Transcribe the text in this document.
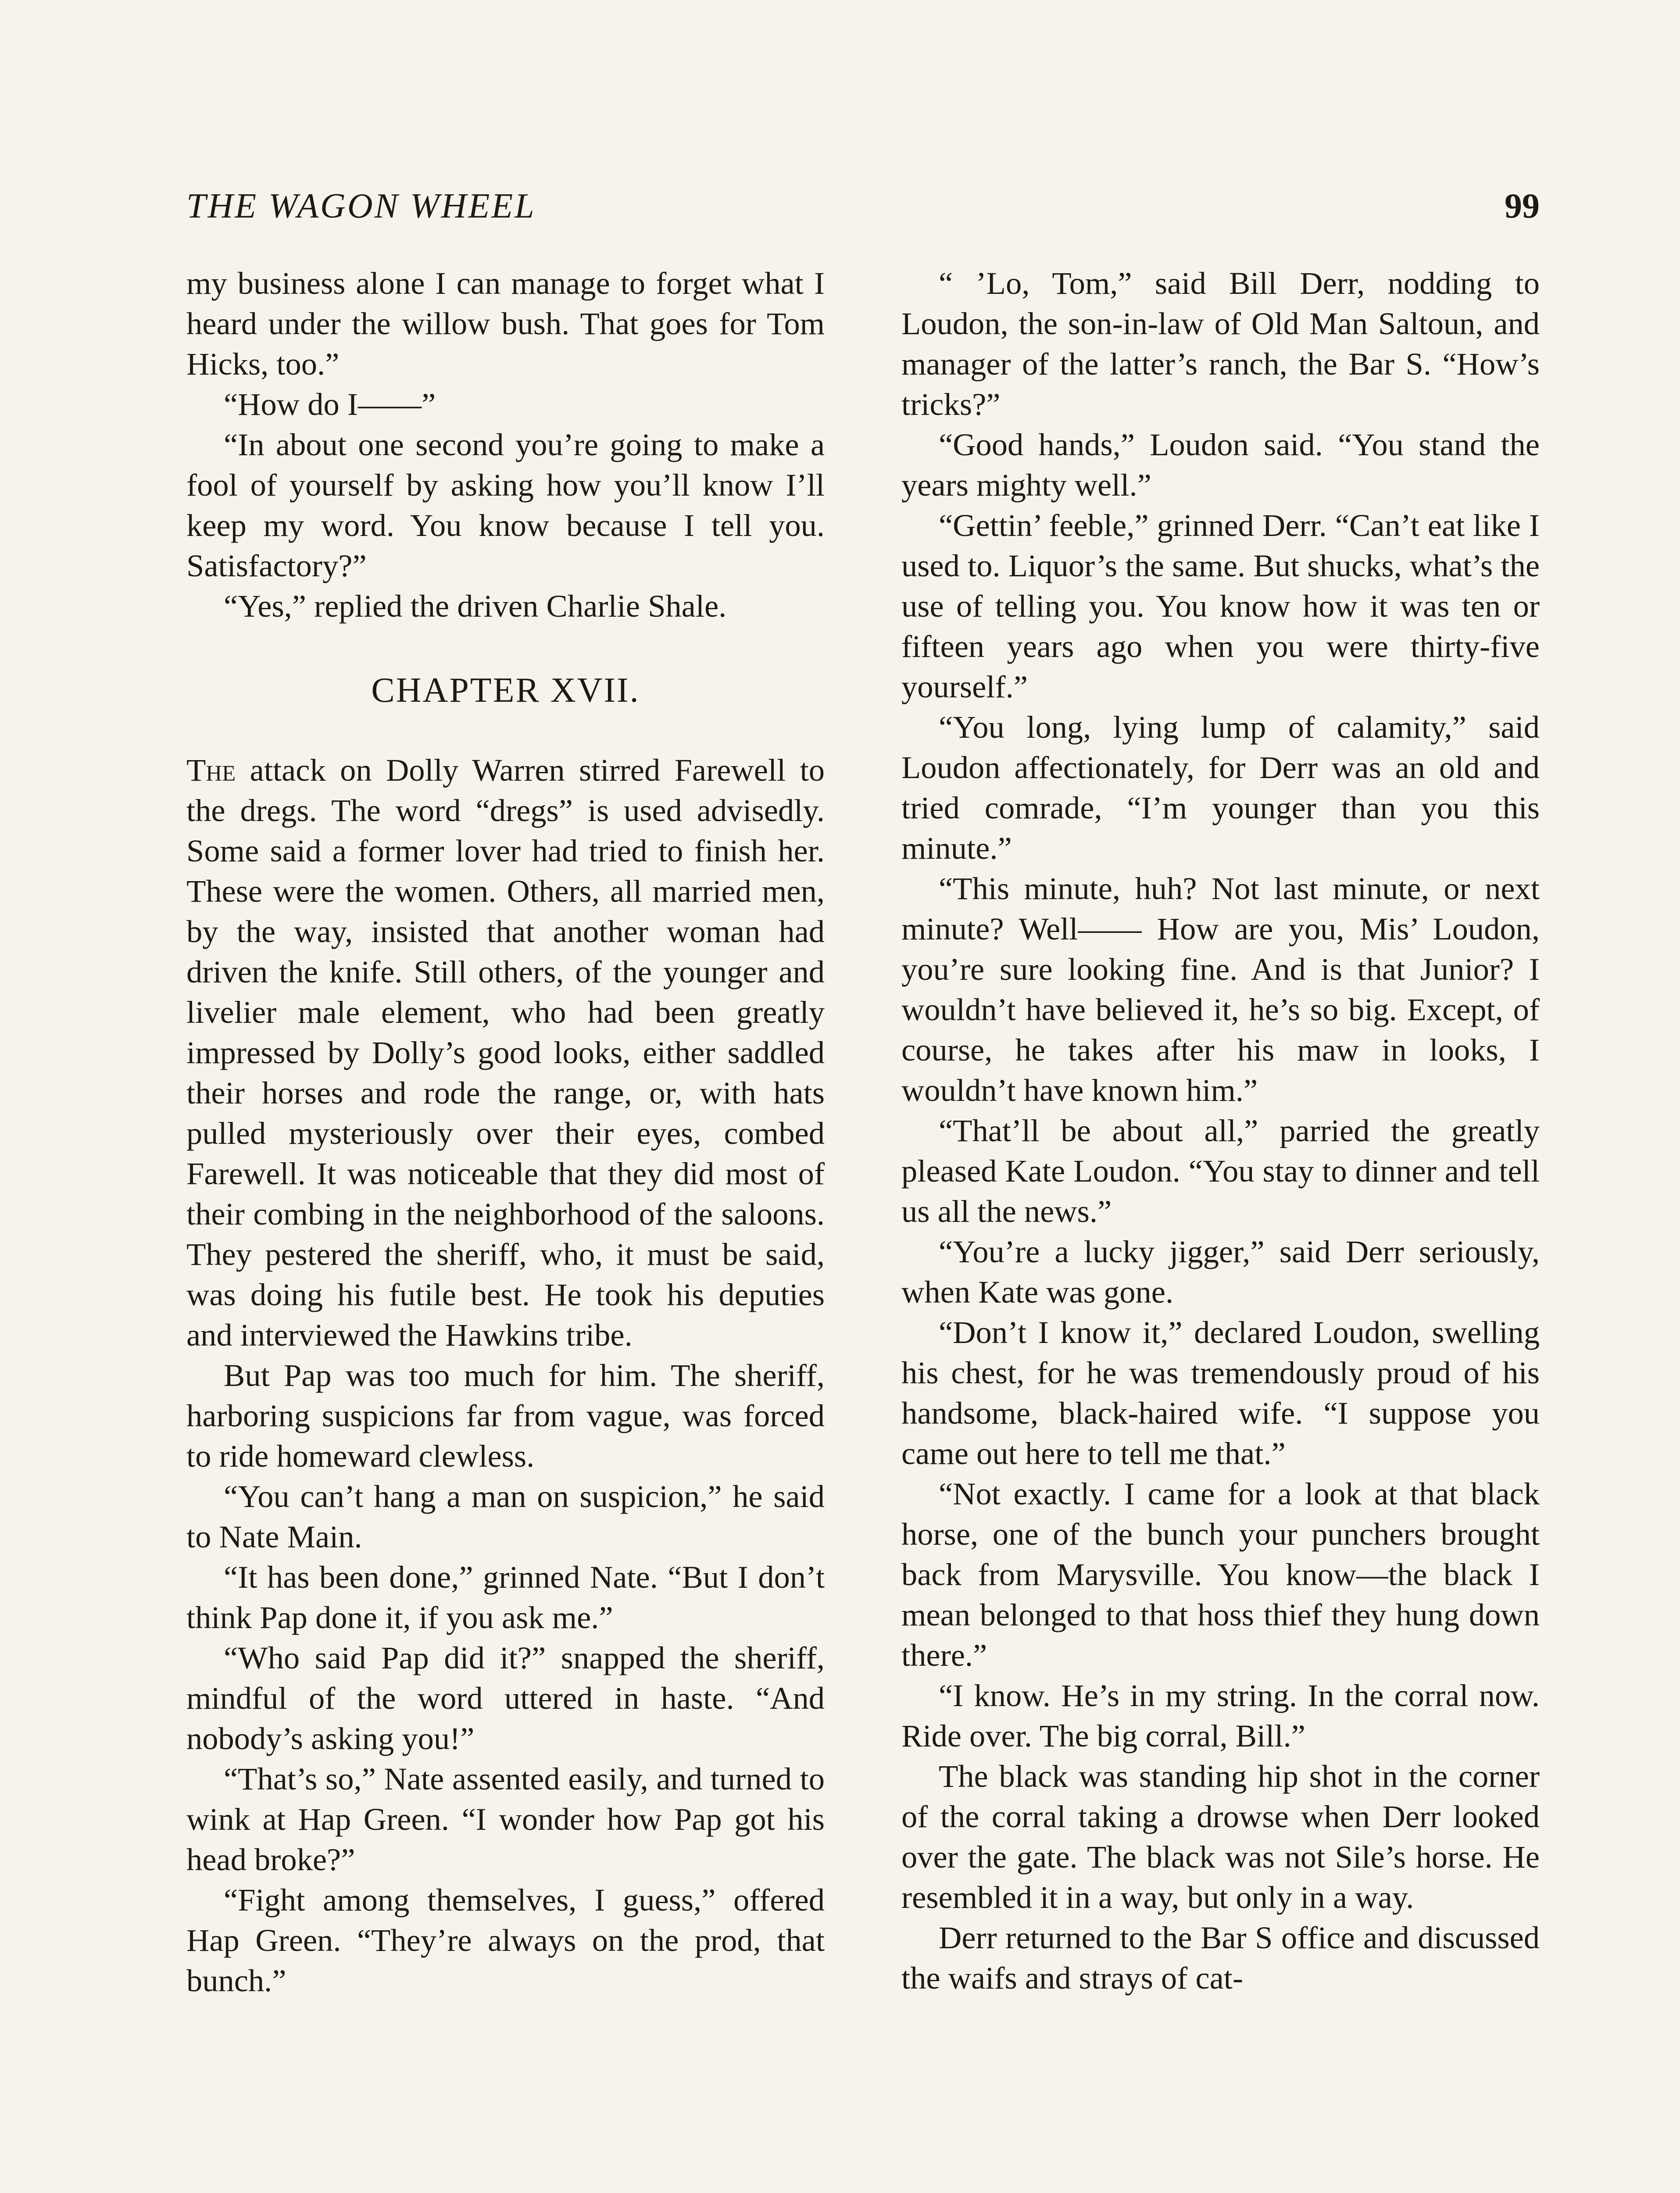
THE WAGON WHEEL	99

my business alone I can manage to forget what I heard under the willow bush. That goes for Tom Hicks, too.”

“How do I——”

“In about one second you’re going to make a fool of yourself by asking how you’ll know I’ll keep my word. You know because I tell you. Satisfactory?”

“Yes,” replied the driven Charlie Shale.

CHAPTER XVII.

The attack on Dolly Warren stirred Farewell to the dregs. The word “dregs” is used advisedly. Some said a former lover had tried to finish her. These were the women. Others, all married men, by the way, insisted that another woman had driven the knife. Still others, of the younger and livelier male element, who had been greatly impressed by Dolly’s good looks, either saddled their horses and rode the range, or, with hats pulled mysteriously over their eyes, combed Farewell. It was noticeable that they did most of their combing in the neighborhood of the saloons. They pestered the sheriff, who, it must be said, was doing his futile best. He took his deputies and interviewed the Hawkins tribe.

But Pap was too much for him. The sheriff, harboring suspicions far from vague, was forced to ride homeward clewless.

“You can’t hang a man on suspicion,” he said to Nate Main.

“It has been done,” grinned Nate. “But I don’t think Pap done it, if you ask me.”

“Who said Pap did it?” snapped the sheriff, mindful of the word uttered in haste. “And nobody’s asking you!”

“That’s so,” Nate assented easily, and turned to wink at Hap Green. “I wonder how Pap got his head broke?”

“Fight among themselves, I guess,” offered Hap Green. “They’re always on the prod, that bunch.”

“ ’Lo, Tom,” said Bill Derr, nodding to Loudon, the son-in-law of Old Man Saltoun, and manager of the latter’s ranch, the Bar S. “How’s tricks?”

“Good hands,” Loudon said. “You stand the years mighty well.”

“Gettin’ feeble,” grinned Derr. “Can’t eat like I used to. Liquor’s the same. But shucks, what’s the use of telling you. You know how it was ten or fifteen years ago when you were thirty-five yourself.”

“You long, lying lump of calamity,” said Loudon affectionately, for Derr was an old and tried comrade, “I’m younger than you this minute.”

“This minute, huh? Not last minute, or next minute? Well—— How are you, Mis’ Loudon, you’re sure looking fine. And is that Junior? I wouldn’t have believed it, he’s so big. Except, of course, he takes after his maw in looks, I wouldn’t have known him.”

“That’ll be about all,” parried the greatly pleased Kate Loudon. “You stay to dinner and tell us all the news.”

“You’re a lucky jigger,” said Derr seriously, when Kate was gone.

“Don’t I know it,” declared Loudon, swelling his chest, for he was tremendously proud of his handsome, black-haired wife. “I suppose you came out here to tell me that.”

“Not exactly. I came for a look at that black horse, one of the bunch your punchers brought back from Marysville. You know—the black I mean belonged to that hoss thief they hung down there.”

“I know. He’s in my string. In the corral now. Ride over. The big corral, Bill.”

The black was standing hip shot in the corner of the corral taking a drowse when Derr looked over the gate. The black was not Sile’s horse. He resembled it in a way, but only in a way.

Derr returned to the Bar S office and discussed the waifs and strays of cat-
